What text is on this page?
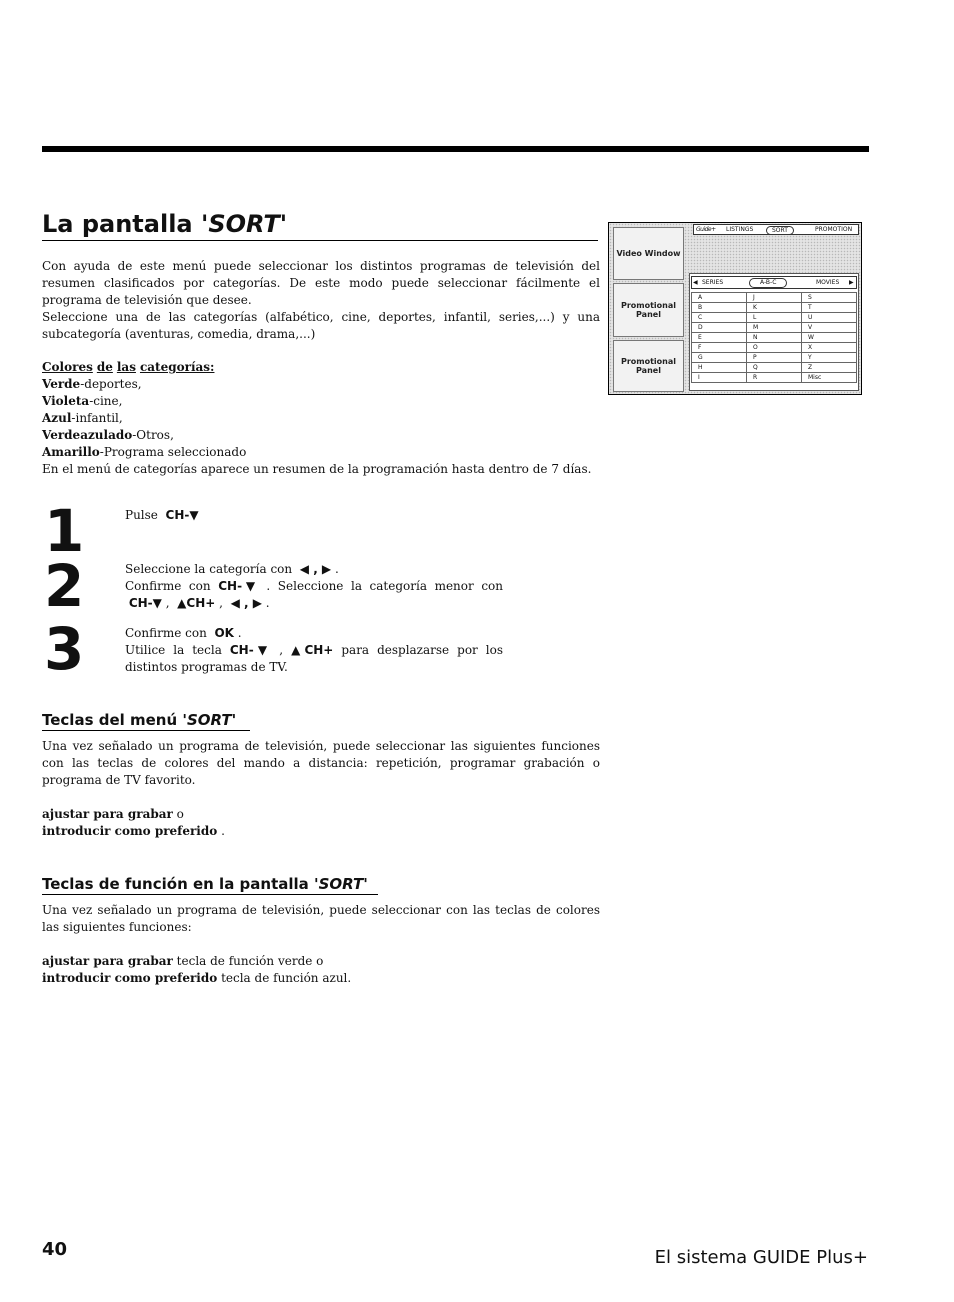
La pantalla 'SORT'

Con ayuda de este menú puede seleccionar los distintos programas de televisión del resumen clasificados por categorías. De este modo puede seleccionar fácilmente el programa de televisión que desee.

Seleccione una de las categorías (alfabético, cine, deportes, infantil, series,...) y una subcategoría (aventuras, comedia, drama,...)

Colores de las categorías:

Verde-deportes,

Violeta-cine,

Azul-infantil,

Verdeazulado-Otros,

Amarillo-Programa seleccionado

En el menú de categorías aparece un resumen de la programación hasta dentro de 7 días.

1
2
3

Pulse CH-▼

Seleccione la categoría con ◀ , ▶ .

Confirme con CH-▼ . Seleccione la categoría menor con

CH-▼ ,  ▲CH+ ,  ◀ , ▶ .

Confirme con OK .

Utilice la tecla CH-▼ , ▲CH+ para desplazarse por los

distintos programas de TV.

Teclas del menú 'SORT'

Una vez señalado un programa de televisión, puede seleccionar las siguientes funciones con las teclas de colores del mando a distancia: repetición, programar grabación o programa de TV favorito.

ajustar para grabar o

introducir como preferido .

Teclas de función en la pantalla 'SORT'

Una vez señalado un programa de televisión, puede seleccionar con las teclas de colores las siguientes funciones:

ajustar para grabar tecla de función verde o

introducir como preferido tecla de función azul.

Video Window
Promotional Panel
Promotional Panel
Guide+ LISTINGS	SORT	PROMOTION
◀ SERIES	A-B-C	MOVIES ▶
A	J	S
B	K	T
C	L	U
D	M	V
E	N	W
F	O	X
G	P	Y
H	Q	Z
I	R	Misc
40	El sistema GUIDE Plus+
